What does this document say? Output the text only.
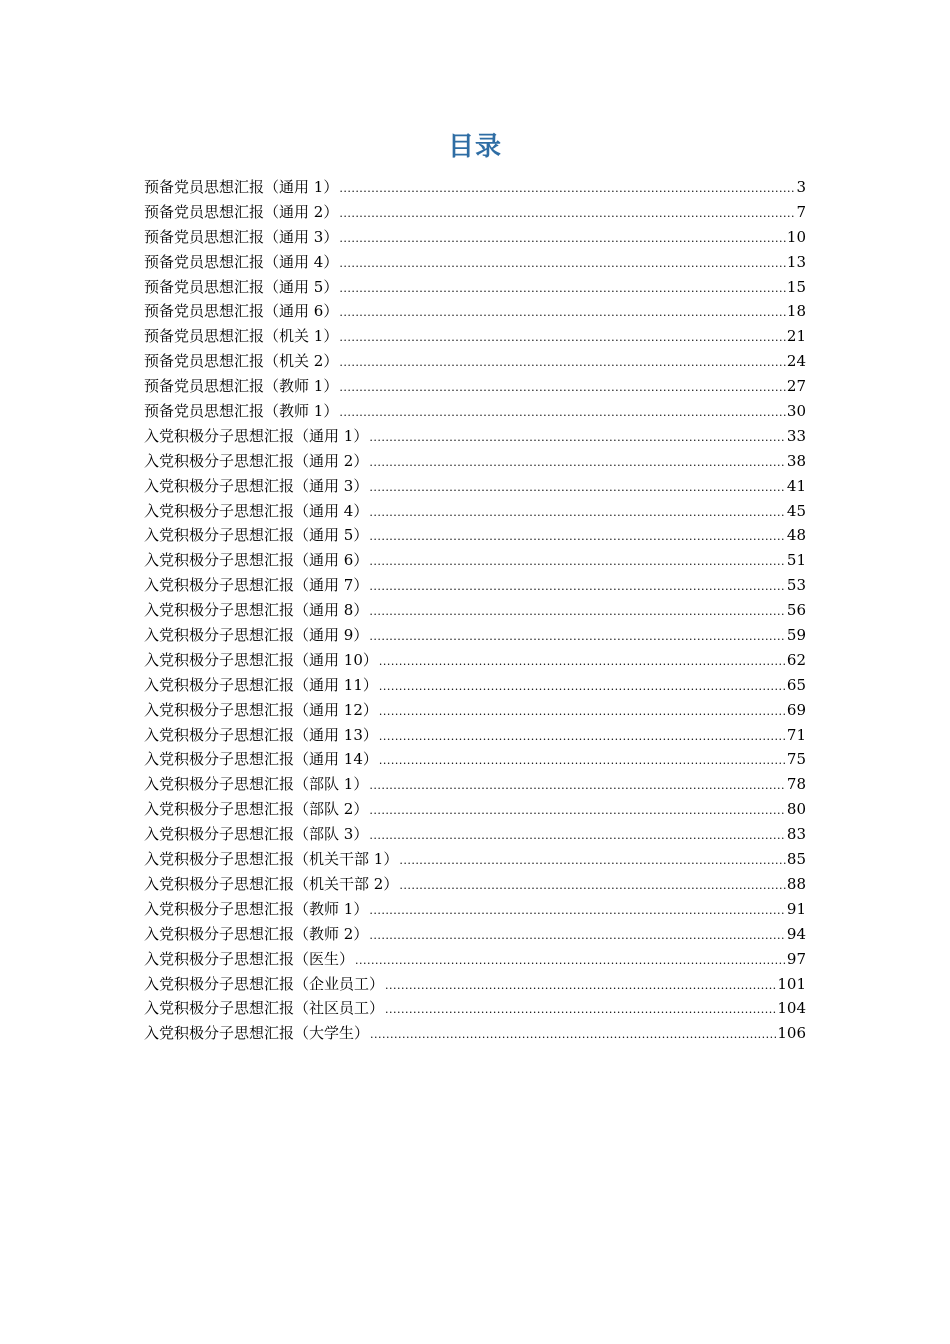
目录
预备党员思想汇报（通用 1） .....	3
预备党员思想汇报（通用 2） .....	7
预备党员思想汇报（通用 3） .....	10
预备党员思想汇报（通用 4） .....	13
预备党员思想汇报（通用 5） .....	15
预备党员思想汇报（通用 6） .....	18
预备党员思想汇报（机关 1） .....	21
预备党员思想汇报（机关 2） .....	24
预备党员思想汇报（教师 1） .....	27
预备党员思想汇报（教师 1） .....	30
入党积极分子思想汇报（通用 1） .....	33
入党积极分子思想汇报（通用 2） .....	38
入党积极分子思想汇报（通用 3） .....	41
入党积极分子思想汇报（通用 4） .....	45
入党积极分子思想汇报（通用 5） .....	48
入党积极分子思想汇报（通用 6） .....	51
入党积极分子思想汇报（通用 7） .....	53
入党积极分子思想汇报（通用 8） .....	56
入党积极分子思想汇报（通用 9） .....	59
入党积极分子思想汇报（通用 10） .....	62
入党积极分子思想汇报（通用 11） .....	65
入党积极分子思想汇报（通用 12） .....	69
入党积极分子思想汇报（通用 13） .....	71
入党积极分子思想汇报（通用 14） .....	75
入党积极分子思想汇报（部队 1） .....	78
入党积极分子思想汇报（部队 2） .....	80
入党积极分子思想汇报（部队 3） .....	83
入党积极分子思想汇报（机关干部 1） .....	85
入党积极分子思想汇报（机关干部 2） .....	88
入党积极分子思想汇报（教师 1） .....	91
入党积极分子思想汇报（教师 2） .....	94
入党积极分子思想汇报（医生） .....	97
入党积极分子思想汇报（企业员工） .....	101
入党积极分子思想汇报（社区员工） .....	104
入党积极分子思想汇报（大学生） .....	106
